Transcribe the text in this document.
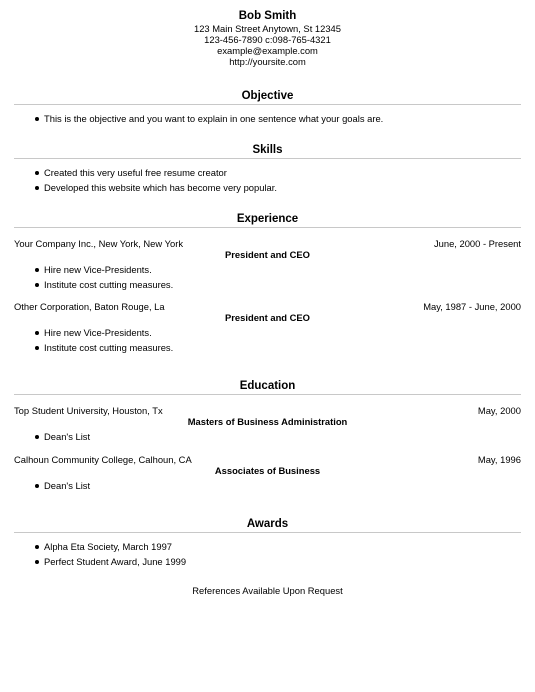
Bob Smith
123 Main Street Anytown, St 12345
123-456-7890 c:098-765-4321
example@example.com
http://yoursite.com
Objective
This is the objective and you want to explain in one sentence what your goals are.
Skills
Created this very useful free resume creator
Developed this website which has become very popular.
Experience
Your Company Inc., New York, New York	June, 2000 - Present
President and CEO
Hire new Vice-Presidents.
Institute cost cutting measures.
Other Corporation, Baton Rouge, La	May, 1987 - June, 2000
President and CEO
Hire new Vice-Presidents.
Institute cost cutting measures.
Education
Top Student University, Houston, Tx	May, 2000
Masters of Business Administration
Dean's List
Calhoun Community College, Calhoun, CA	May, 1996
Associates of Business
Dean's List
Awards
Alpha Eta Society, March 1997
Perfect Student Award, June 1999
References Available Upon Request
